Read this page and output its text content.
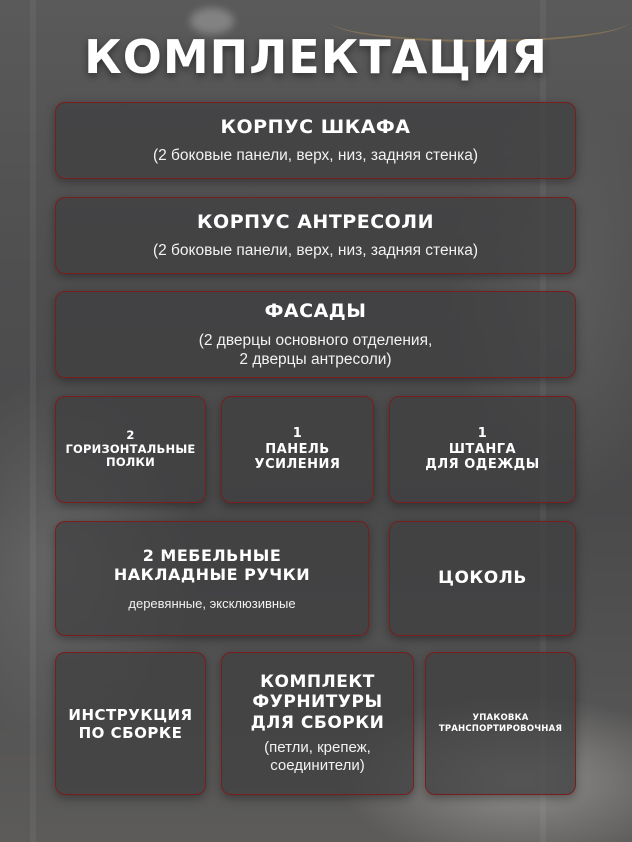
КОМПЛЕКТАЦИЯ
КОРПУС ШКАФА
(2 боковые панели, верх, низ, задняя стенка)
КОРПУС АНТРЕСОЛИ
(2 боковые панели, верх, низ, задняя стенка)
ФАСАДЫ
(2 дверцы основного отделения,
2 дверцы антресоли)
2
ГОРИЗОНТАЛЬНЫЕ
ПОЛКИ
1
ПАНЕЛЬ
УСИЛЕНИЯ
1
ШТАНГА
ДЛЯ ОДЕЖДЫ
2 МЕБЕЛЬНЫЕ
НАКЛАДНЫЕ РУЧКИ
деревянные, эксклюзивные
ЦОКОЛЬ
ИНСТРУКЦИЯ
ПО СБОРКЕ
КОМПЛЕКТ
ФУРНИТУРЫ
ДЛЯ СБОРКИ
(петли, крепеж,
соединители)
УПАКОВКА
ТРАНСПОРТИРОВОЧНАЯ
